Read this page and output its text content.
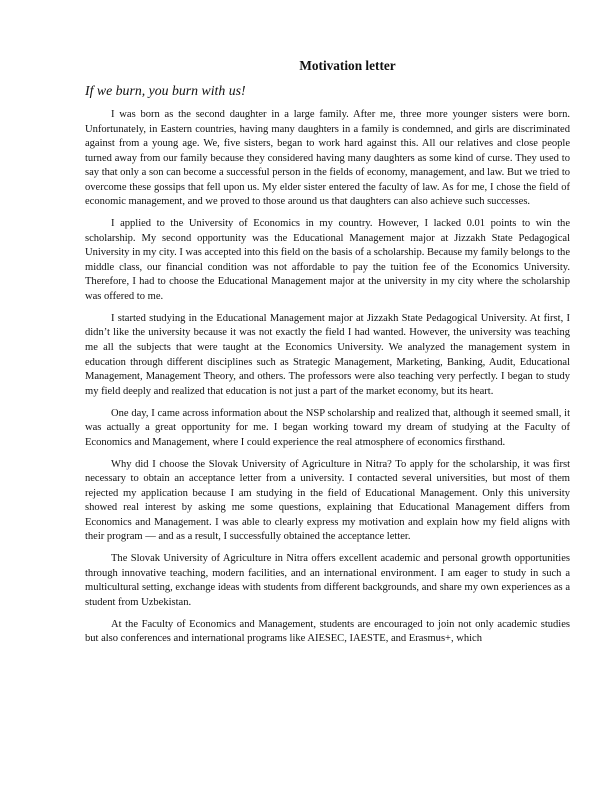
Motivation letter
If we burn, you burn with us!

I was born as the second daughter in a large family. After me, three more younger sisters were born. Unfortunately, in Eastern countries, having many daughters in a family is condemned, and girls are discriminated against from a young age. We, five sisters, began to work hard against this. All our relatives and close people turned away from our family because they considered having many daughters as some kind of curse. They used to say that only a son can become a successful person in the fields of economy, management, and law. But we tried to overcome these gossips that fell upon us. My elder sister entered the faculty of law. As for me, I chose the field of economic management, and we proved to those around us that daughters can also achieve such successes.

I applied to the University of Economics in my country. However, I lacked 0.01 points to win the scholarship. My second opportunity was the Educational Management major at Jizzakh State Pedagogical University in my city. I was accepted into this field on the basis of a scholarship. Because my family belongs to the middle class, our financial condition was not affordable to pay the tuition fee of the Economics University. Therefore, I had to choose the Educational Management major at the university in my city where the scholarship was offered to me.

I started studying in the Educational Management major at Jizzakh State Pedagogical University. At first, I didn’t like the university because it was not exactly the field I had wanted. However, the university was teaching me all the subjects that were taught at the Economics University. We analyzed the management system in education through different disciplines such as Strategic Management, Marketing, Banking, Audit, Educational Management, Management Theory, and others. The professors were also teaching very perfectly. I began to study my field deeply and realized that education is not just a part of the market economy, but its heart.

One day, I came across information about the NSP scholarship and realized that, although it seemed small, it was actually a great opportunity for me. I began working toward my dream of studying at the Faculty of Economics and Management, where I could experience the real atmosphere of economics firsthand.

Why did I choose the Slovak University of Agriculture in Nitra? To apply for the scholarship, it was first necessary to obtain an acceptance letter from a university. I contacted several universities, but most of them rejected my application because I am studying in the field of Educational Management. Only this university showed real interest by asking me some questions, explaining that Educational Management differs from Economics and Management. I was able to clearly express my motivation and explain how my field aligns with their program — and as a result, I successfully obtained the acceptance letter.

The Slovak University of Agriculture in Nitra offers excellent academic and personal growth opportunities through innovative teaching, modern facilities, and an international environment. I am eager to study in such a multicultural setting, exchange ideas with students from different backgrounds, and share my own experiences as a student from Uzbekistan.

At the Faculty of Economics and Management, students are encouraged to join not only academic studies but also conferences and international programs like AIESEC, IAESTE, and Erasmus+, which
